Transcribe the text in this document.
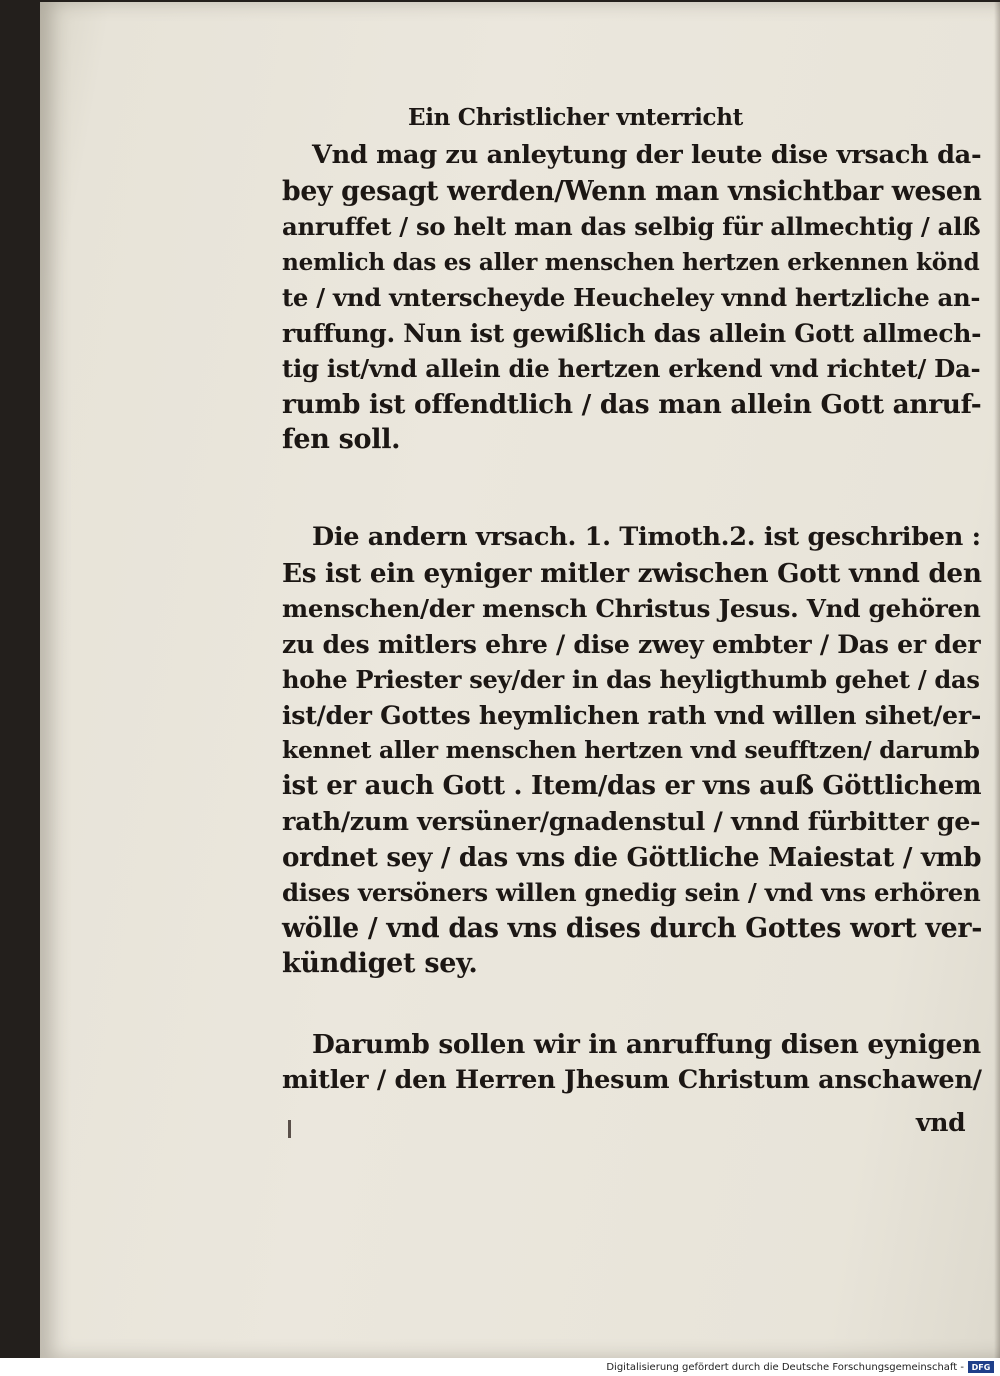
Ein Christlicher vnterricht
Vnd mag zu anleytung der leute dise vrsach da-
bey gesagt werden/Wenn man vnsichtbar wesen
anruffet / so helt man das selbig für allmechtig / alß
nemlich das es aller menschen hertzen erkennen könd
te / vnd vnterscheyde Heucheley vnnd hertzliche an-
ruffung. Nun ist gewißlich das allein Gott allmech-
tig ist/vnd allein die hertzen erkend vnd richtet/ Da-
rumb ist offendtlich / das man allein Gott anruf-
fen soll.
Die andern vrsach. 1. Timoth.2. ist geschriben :
Es ist ein eyniger mitler zwischen Gott vnnd den
menschen/der mensch Christus Jesus. Vnd gehören
zu des mitlers ehre / dise zwey embter / Das er der
hohe Priester sey/der in das heyligthumb gehet / das
ist/der Gottes heymlichen rath vnd willen sihet/er-
kennet aller menschen hertzen vnd seufftzen/ darumb
ist er auch Gott . Item/das er vns auß Göttlichem
rath/zum versüner/gnadenstul / vnnd fürbitter ge-
ordnet sey / das vns die Göttliche Maiestat / vmb
dises versöners willen gnedig sein / vnd vns erhören
wölle / vnd das vns dises durch Gottes wort ver-
kündiget sey.
Darumb sollen wir in anruffung disen eynigen
mitler / den Herren Jhesum Christum anschawen/
vnd
Digitalisierung gefördert durch die Deutsche Forschungsgemeinschaft - DFG
